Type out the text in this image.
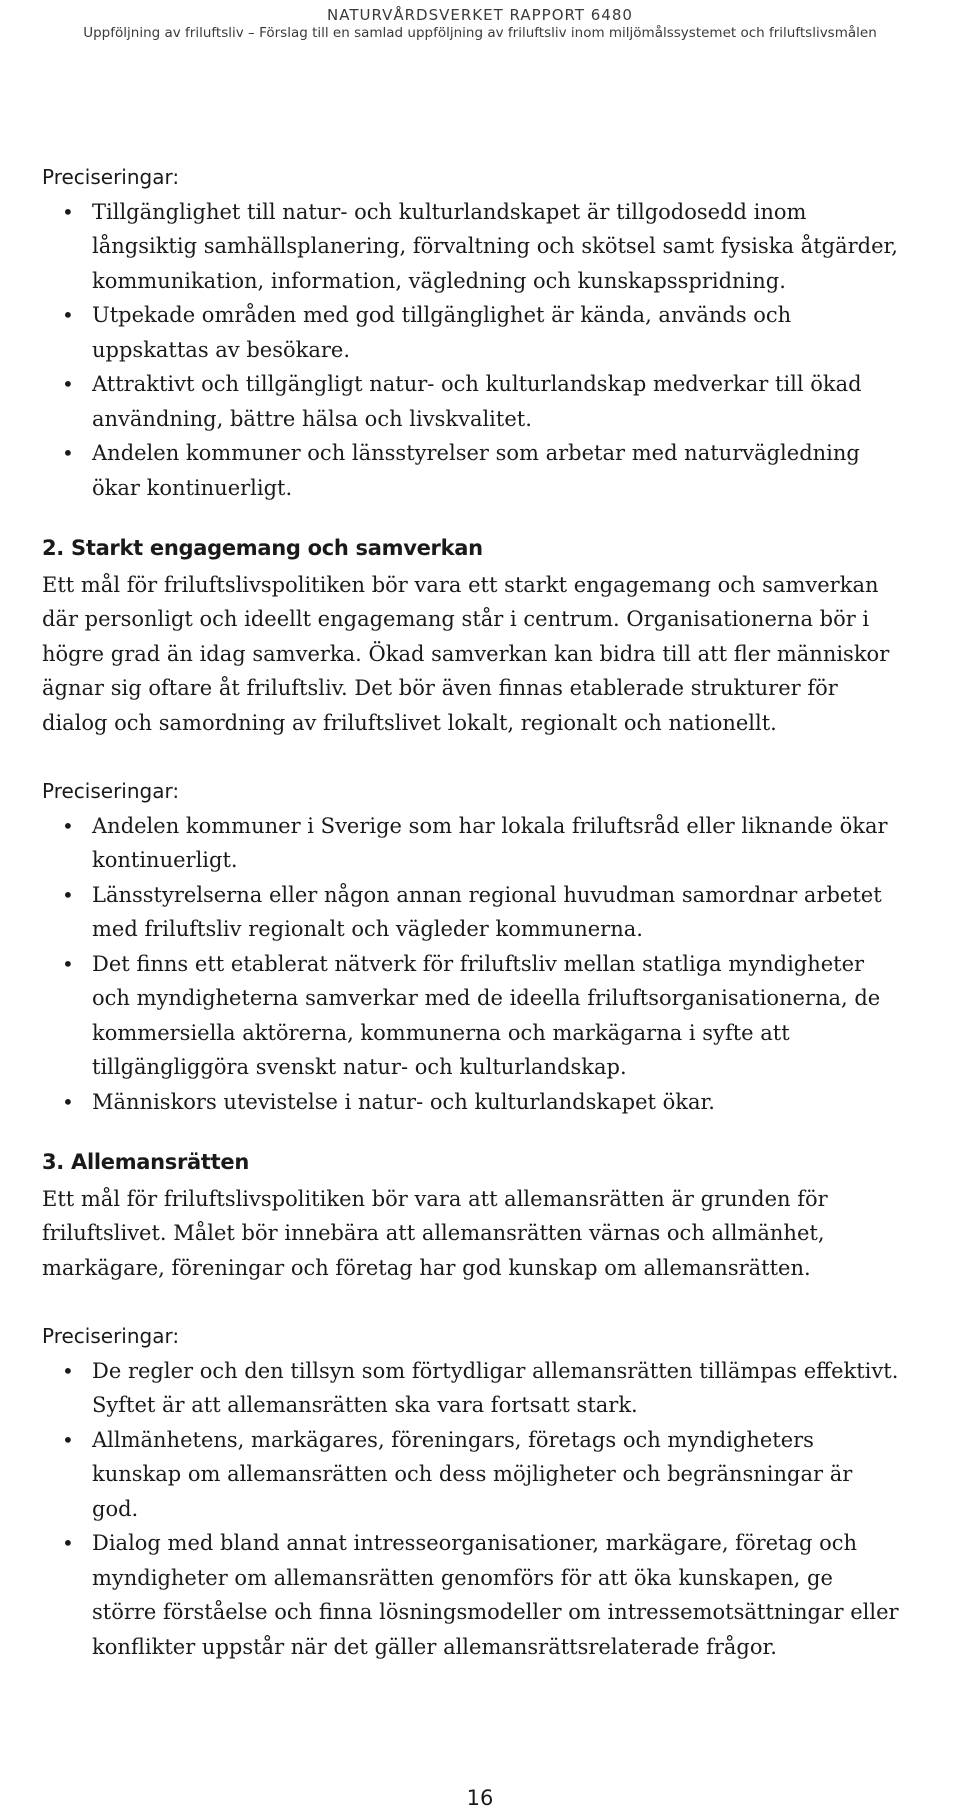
NATURVÅRDSVERKET RAPPORT 6480
Uppföljning av friluftsliv – Förslag till en samlad uppföljning av friluftsliv inom miljömålssystemet och friluftslivsmålen

Preciseringar:

• Tillgänglighet till natur- och kulturlandskapet är tillgodosedd inom långsiktig samhällsplanering, förvaltning och skötsel samt fysiska åtgärder, kommunikation, information, vägledning och kunskapsspridning.
• Utpekade områden med god tillgänglighet är kända, används och uppskattas av besökare.
• Attraktivt och tillgängligt natur- och kulturlandskap medverkar till ökad användning, bättre hälsa och livskvalitet.
• Andelen kommuner och länsstyrelser som arbetar med naturvägledning ökar kontinuerligt.
2. Starkt engagemang och samverkan

Ett mål för friluftslivspolitiken bör vara ett starkt engagemang och samverkan där personligt och ideellt engagemang står i centrum. Organisationerna bör i högre grad än idag samverka. Ökad samverkan kan bidra till att fler människor ägnar sig oftare åt friluftsliv. Det bör även finnas etablerade strukturer för dialog och samordning av friluftslivet lokalt, regionalt och nationellt.

Preciseringar:

• Andelen kommuner i Sverige som har lokala friluftsråd eller liknande ökar kontinuerligt.
• Länsstyrelserna eller någon annan regional huvudman samordnar arbetet med friluftsliv regionalt och vägleder kommunerna.
• Det finns ett etablerat nätverk för friluftsliv mellan statliga myndigheter och myndigheterna samverkar med de ideella friluftsorganisationerna, de kommersiella aktörerna, kommunerna och markägarna i syfte att tillgängliggöra svenskt natur- och kulturlandskap.
• Människors utevistelse i natur- och kulturlandskapet ökar.
3. Allemansrätten

Ett mål för friluftslivspolitiken bör vara att allemansrätten är grunden för friluftslivet. Målet bör innebära att allemansrätten värnas och allmänhet, markägare, föreningar och företag har god kunskap om allemansrätten.

Preciseringar:

• De regler och den tillsyn som förtydligar allemansrätten tillämpas effektivt. Syftet är att allemansrätten ska vara fortsatt stark.
• Allmänhetens, markägares, föreningars, företags och myndigheters kunskap om allemansrätten och dess möjligheter och begränsningar är god.
• Dialog med bland annat intresseorganisationer, markägare, företag och myndigheter om allemansrätten genomförs för att öka kunskapen, ge större förståelse och finna lösningsmodeller om intressemotsättningar eller konflikter uppstår när det gäller allemansrättsrelaterade frågor.
16
